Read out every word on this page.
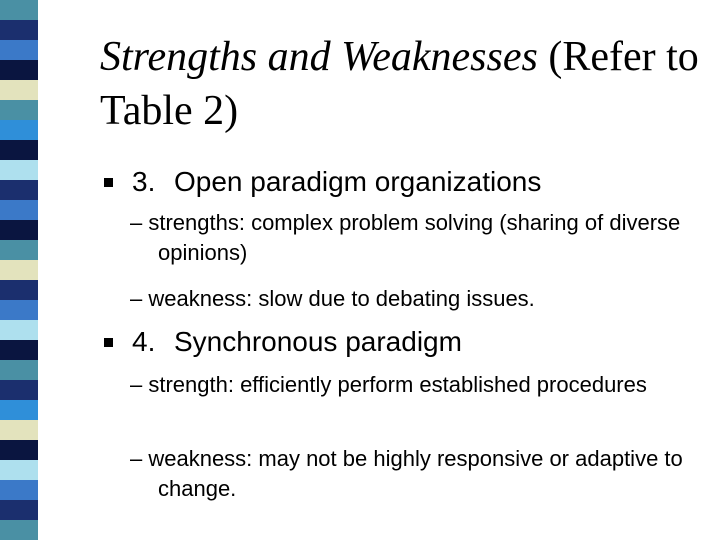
Strengths and Weaknesses (Refer to Table 2)
3. Open paradigm organizations
– strengths: complex problem solving (sharing of diverse opinions)
– weakness: slow due to debating issues.
4. Synchronous paradigm
– strength: efficiently perform established procedures
– weakness: may not be highly responsive or adaptive to change.
